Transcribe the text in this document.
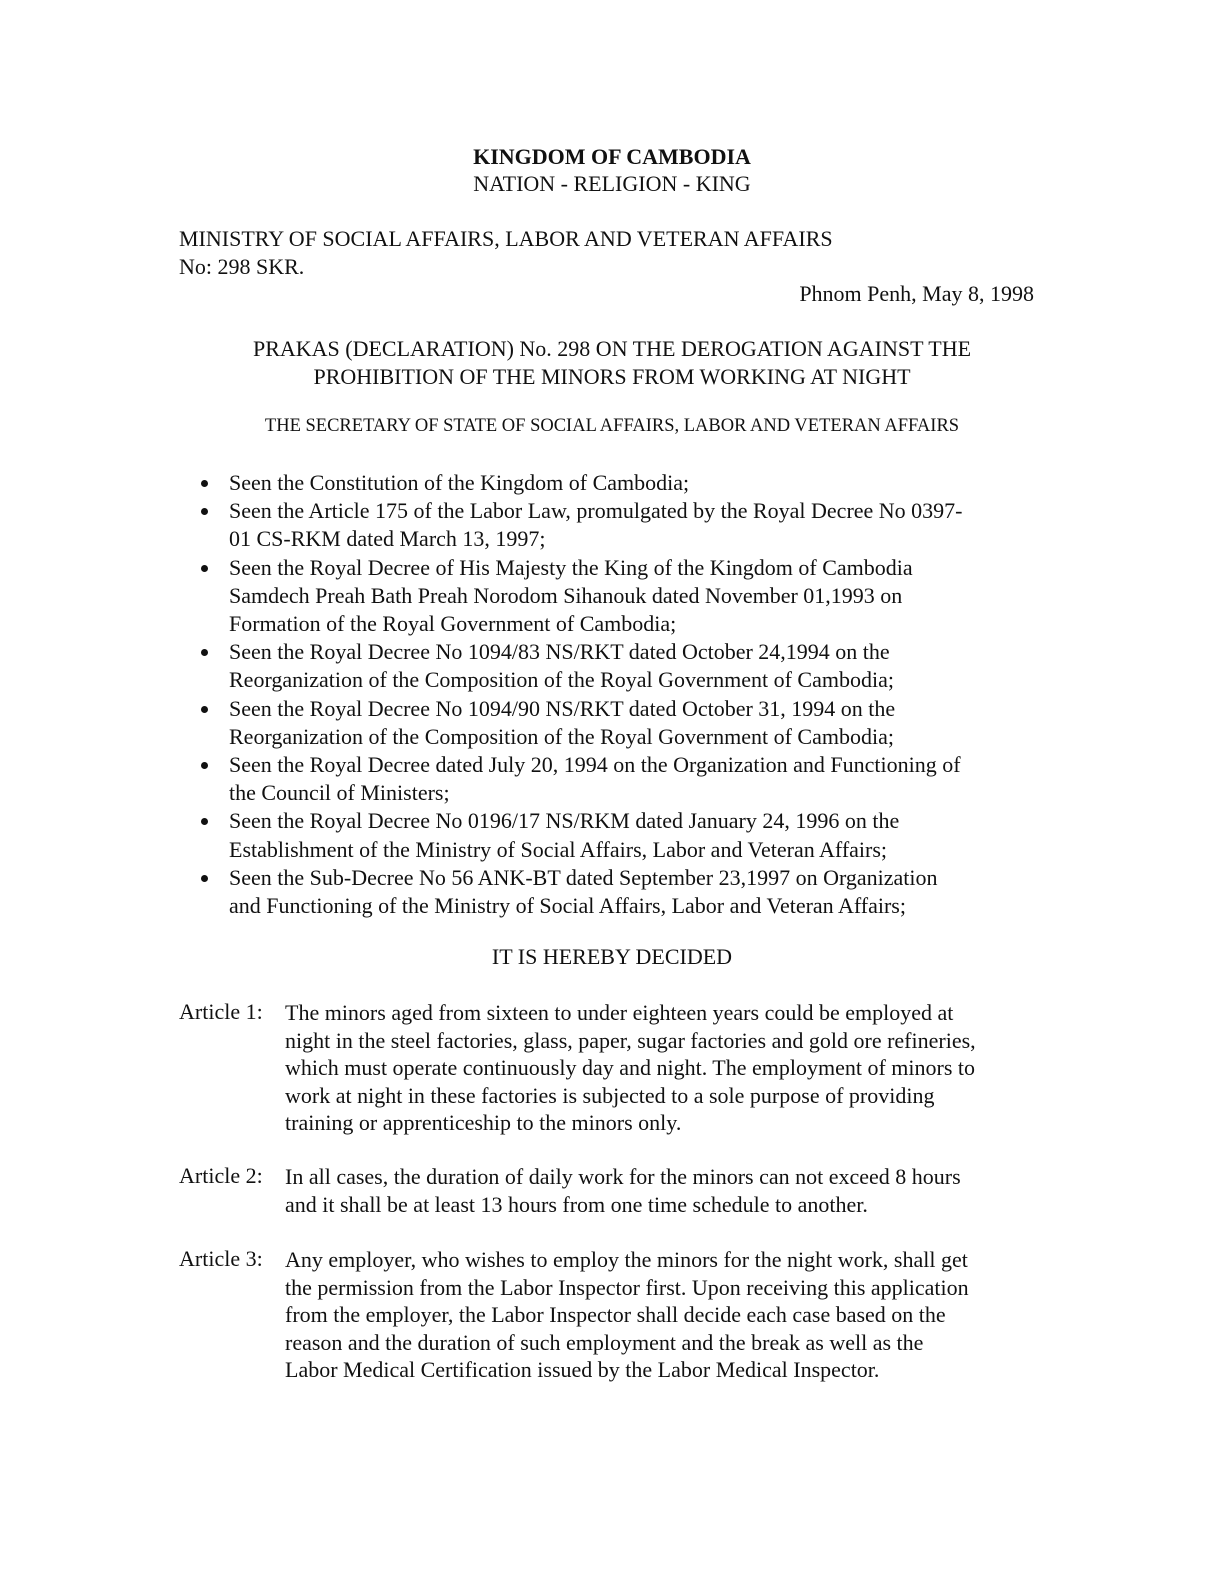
KINGDOM OF CAMBODIA
NATION - RELIGION - KING
MINISTRY OF SOCIAL AFFAIRS, LABOR AND VETERAN AFFAIRS
No: 298 SKR.
Phnom Penh, May 8, 1998
PRAKAS (DECLARATION) No. 298 ON THE DEROGATION AGAINST THE
PROHIBITION OF THE MINORS FROM WORKING AT NIGHT
THE SECRETARY OF STATE OF SOCIAL AFFAIRS, LABOR AND VETERAN AFFAIRS
Seen the Constitution of the Kingdom of Cambodia;
Seen the Article 175 of the Labor Law, promulgated by the Royal Decree No 0397-
01 CS-RKM dated March 13, 1997;
Seen the Royal Decree of His Majesty the King of the Kingdom of Cambodia
Samdech Preah Bath Preah Norodom Sihanouk dated November 01,1993 on
Formation of the Royal Government of Cambodia;
Seen the Royal Decree No 1094/83 NS/RKT dated October 24,1994 on the
Reorganization of the Composition of the Royal Government of Cambodia;
Seen the Royal Decree No 1094/90 NS/RKT dated October 31, 1994 on the
Reorganization of the Composition of the Royal Government of Cambodia;
Seen the Royal Decree dated July 20, 1994 on the Organization and Functioning of
the Council of Ministers;
Seen the Royal Decree No 0196/17 NS/RKM dated January 24, 1996 on the
Establishment of the Ministry of Social Affairs, Labor and Veteran Affairs;
Seen the Sub-Decree No 56 ANK-BT dated September 23,1997 on Organization
and Functioning of the Ministry of Social Affairs, Labor and Veteran Affairs;
IT IS HEREBY DECIDED
Article 1: The minors aged from sixteen to under eighteen years could be employed at
night in the steel factories, glass, paper, sugar factories and gold ore refineries,
which must operate continuously day and night. The employment of minors to
work at night in these factories is subjected to a sole purpose of providing
training or apprenticeship to the minors only.
Article 2: In all cases, the duration of daily work for the minors can not exceed 8 hours
and it shall be at least 13 hours from one time schedule to another.
Article 3: Any employer, who wishes to employ the minors for the night work, shall get
the permission from the Labor Inspector first. Upon receiving this application
from the employer, the Labor Inspector shall decide each case based on the
reason and the duration of such employment and the break as well as the
Labor Medical Certification issued by the Labor Medical Inspector.
